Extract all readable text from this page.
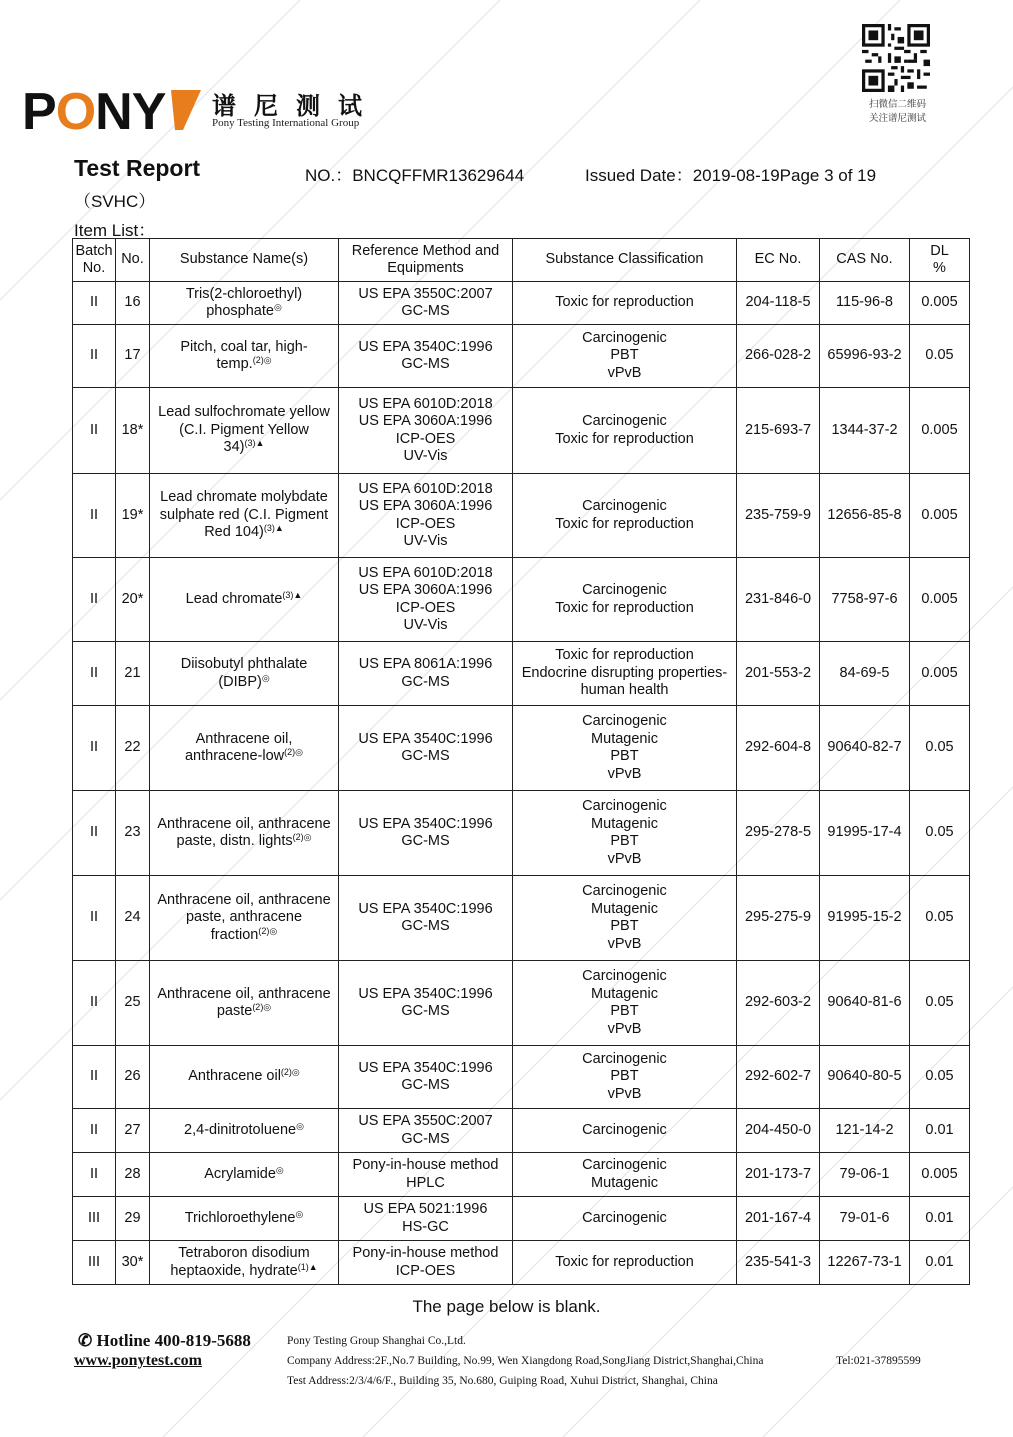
PONY 谱尼测试
Pony Testing International Group
扫微信二维码
关注谱尼测试
Test Report	NO.：BNCQFFMR13629644	Issued Date：2019-08-19Page 3 of 19
（SVHC）
Item List：
Batch
No.	No.	Substance Name(s)	Reference Method and
Equipments	Substance Classification	EC No.	CAS No.	DL
%
II	16	Tris(2-chloroethyl)
phosphate◎	US EPA 3550C:2007
GC-MS	Toxic for reproduction	204-118-5	115-96-8	0.005
II	17	Pitch, coal tar, high-
temp.$^{(2)◎}$	US EPA 3540C:1996
GC-MS	Carcinogenic
PBT
vPvB	266-028-2	65996-93-2	0.05
II	18*	Lead sulfochromate yellow
(C.I. Pigment Yellow
34)$^{(3)▲}$	US EPA 6010D:2018
US EPA 3060A:1996
ICP-OES
UV-Vis	Carcinogenic
Toxic for reproduction	215-693-7	1344-37-2	0.005
II	19*	Lead chromate molybdate
sulphate red (C.I. Pigment
Red 104)$^{(3)▲}$	US EPA 6010D:2018
US EPA 3060A:1996
ICP-OES
UV-Vis	Carcinogenic
Toxic for reproduction	235-759-9	12656-85-8	0.005
II	20*	Lead chromate$^{(3)▲}$	US EPA 6010D:2018
US EPA 3060A:1996
ICP-OES
UV-Vis	Carcinogenic
Toxic for reproduction	231-846-0	7758-97-6	0.005
II	21	Diisobutyl phthalate
(DIBP)◎	US EPA 8061A:1996
GC-MS	Toxic for reproduction
Endocrine disrupting properties-
human health	201-553-2	84-69-5	0.005
II	22	Anthracene oil,
anthracene-low$^{(2)◎}$	US EPA 3540C:1996
GC-MS	Carcinogenic
Mutagenic
PBT
vPvB	292-604-8	90640-82-7	0.05
II	23	Anthracene oil, anthracene
paste, distn. lights$^{(2)◎}$	US EPA 3540C:1996
GC-MS	Carcinogenic
Mutagenic
PBT
vPvB	295-278-5	91995-17-4	0.05
II	24	Anthracene oil, anthracene
paste, anthracene
fraction$^{(2)◎}$	US EPA 3540C:1996
GC-MS	Carcinogenic
Mutagenic
PBT
vPvB	295-275-9	91995-15-2	0.05
II	25	Anthracene oil, anthracene
paste$^{(2)◎}$	US EPA 3540C:1996
GC-MS	Carcinogenic
Mutagenic
PBT
vPvB	292-603-2	90640-81-6	0.05
II	26	Anthracene oil$^{(2)◎}$	US EPA 3540C:1996
GC-MS	Carcinogenic
PBT
vPvB	292-602-7	90640-80-5	0.05
II	27	2,4-dinitrotoluene◎	US EPA 3550C:2007
GC-MS	Carcinogenic	204-450-0	121-14-2	0.01
II	28	Acrylamide◎	Pony-in-house method
HPLC	Carcinogenic
Mutagenic	201-173-7	79-06-1	0.005
III	29	Trichloroethylene◎	US EPA 5021:1996
HS-GC	Carcinogenic	201-167-4	79-01-6	0.01
III	30*	Tetraboron disodium
heptaoxide, hydrate$^{(1)▲}$	Pony-in-house method
ICP-OES	Toxic for reproduction	235-541-3	12267-73-1	0.01
The page below is blank.
✆ Hotline 400-819-5688
www.ponytest.com
Pony Testing Group Shanghai Co.,Ltd.
Company Address:2F.,No.7 Building, No.99, Wen Xiangdong Road,SongJiang District,Shanghai,China	Tel:021-37895599
Test Address:2/3/4/6/F., Building 35, No.680, Guiping Road, Xuhui District, Shanghai, China
